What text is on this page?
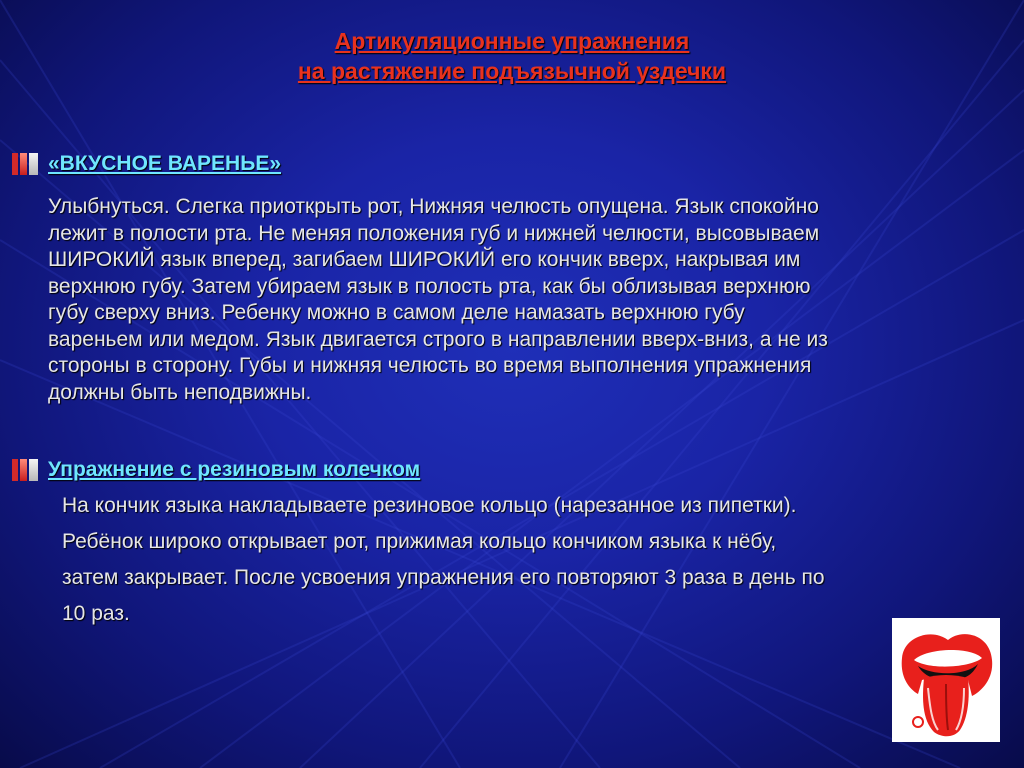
Артикуляционные упражнения
на растяжение подъязычной уздечки
«ВКУСНОЕ ВАРЕНЬЕ»
Улыбнуться. Слегка приоткрыть рот, Нижняя челюсть опущена. Язык спокойно
лежит в полости рта. Не меняя положения губ и нижней челюсти, высовываем
ШИРОКИЙ язык вперед, загибаем ШИРОКИЙ его кончик вверх, накрывая им
верхнюю губу. Затем убираем язык в полость рта, как бы облизывая верхнюю
губу сверху вниз. Ребенку можно в самом деле намазать верхнюю губу
вареньем или медом. Язык двигается строго в направлении вверх-вниз, а не из
стороны в сторону. Губы и нижняя челюсть во время выполнения упражнения
должны быть неподвижны.
Упражнение с резиновым колечком
На кончик языка накладываете резиновое кольцо (нарезанное из пипетки).
Ребёнок широко открывает рот, прижимая кольцо кончиком языка к нёбу,
затем закрывает. После усвоения упражнения его повторяют 3 раза в день по
10 раз.
